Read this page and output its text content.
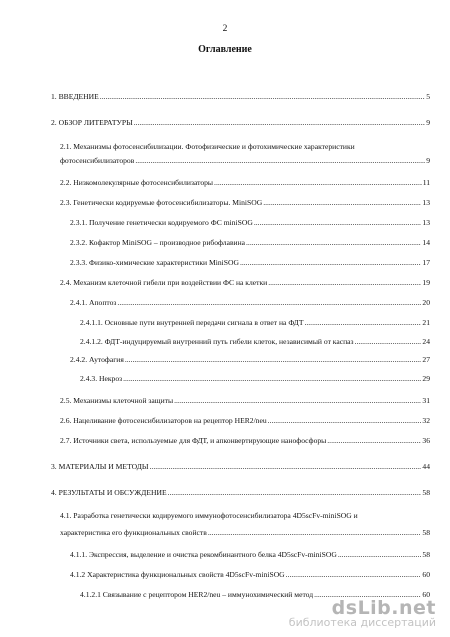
2
Оглавление
1. ВВЕДЕНИЕ .....	5
2. ОБЗОР ЛИТЕРАТУРЫ .....	9
2.1. Механизмы фотосенсибилизации. Фотофизические и фотохимические характеристики
фотосенсибилизаторов .....	9
2.2. Низкомолекулярные фотосенсибилизаторы .....	11
2.3. Генетически кодируемые фотосенсибилизаторы. MiniSOG .....	13
2.3.1. Получение генетически кодируемого ФС miniSOG .....	13
2.3.2. Кофактор MiniSOG – производное рибофлавина .....	14
2.3.3. Физико-химические характеристики MiniSOG .....	17
2.4. Механизм клеточной гибели при воздействии ФС на клетки .....	19
2.4.1. Апоптоз .....	20
2.4.1.1. Основные пути внутренней передачи сигнала в ответ на ФДТ .....	21
2.4.1.2. ФДТ-индуцируемый внутренний путь гибели клеток, независимый от каспаз .....	24
2.4.2. Аутофагия .....	27
2.4.3. Некроз .....	29
2.5. Механизмы клеточной защиты .....	31
2.6. Нацеливание фотосенсибилизаторов на рецептор HER2/neu .....	32
2.7. Источники света, используемые для ФДТ, и апконвертирующие нанофосфоры .....	36
3. МАТЕРИАЛЫ И МЕТОДЫ .....	44
4. РЕЗУЛЬТАТЫ И ОБСУЖДЕНИЕ .....	58
4.1. Разработка генетически кодируемого иммунофотосенсибилизатора 4D5scFv-miniSOG и
характеристика его функциональных свойств .....	58
4.1.1. Экспрессия, выделение и очистка рекомбинантного белка 4D5scFv-miniSOG .....	58
4.1.2 Характеристика функциональных свойств 4D5scFv-miniSOG .....	60
4.1.2.1 Связывание с рецептором HER2/neu – иммунохимический метод .....	60
dsLib.net
библиотека диссертаций
